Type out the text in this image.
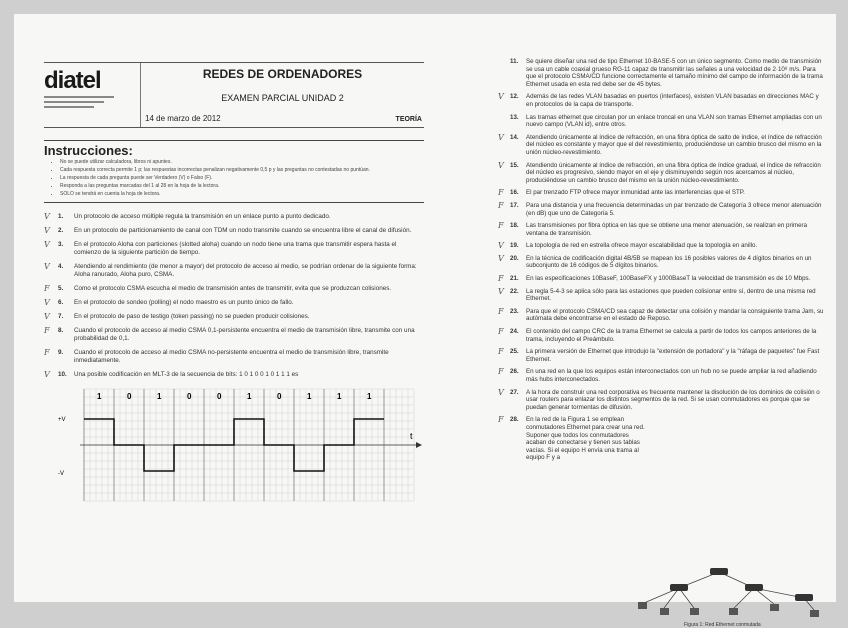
diatel	REDES DE ORDENADORES
EXAMEN PARCIAL UNIDAD 2
14 de marzo de 2012	TEORÍA
Instrucciones:
• No se puede utilizar calculadora, libros ni apuntes.
• Cada respuesta correcta permite 1 p; las respuestas incorrectas penalizan negativamente 0,5 p y las preguntas no contestadas no puntúan.
• La respuesta de cada pregunta puede ser Verdadero (V) o Falso (F).
• Responda a las preguntas marcadas del 1 al 28 en la hoja de la lectora.
• SOLO se tendrá en cuenta la hoja de lectora.
V 1. Un protocolo de acceso múltiple regula la transmisión en un enlace punto a punto dedicado.
V 2. En un protocolo de particionamiento de canal con TDM un nodo transmite cuando se encuentra libre el canal de difusión.
V 3. En el protocolo Aloha con particiones (slotted aloha) cuando un nodo tiene una trama que transmitir espera hasta el comienzo de la siguiente partición de tiempo.
V 4. Atendiendo al rendimiento (de menor a mayor) del protocolo de acceso al medio, se podrían ordenar de la siguiente forma: Aloha ranurado, Aloha puro, CSMA.
F 5. Como el protocolo CSMA escucha el medio de transmisión antes de transmitir, evita que se produzcan colisiones.
V 6. En el protocolo de sondeo (polling) el nodo maestro es un punto único de fallo.
V 7. En el protocolo de paso de testigo (token passing) no se pueden producir colisiones.
F 8. Cuando el protocolo de acceso al medio CSMA 0,1-persistente encuentra el medio de transmisión libre, transmite con una probabilidad de 0,1.
F 9. Cuando el protocolo de acceso al medio CSMA no-persistente encuentra el medio de transmisión libre, transmite inmediatamente.
V 10. Una posible codificación en MLT-3 de la secuencia de bits: 1 0 1 0 0 1 0 1 1 1 es
1	0	1	0	0	1	0	1	1	1
t
+V
-V
11. Se quiere diseñar una red de tipo Ethernet 10-BASE-5 con un único segmento. Como medio de transmisión se usa un cable coaxial grueso RG-11 capaz de transmitir las señales a una velocidad de 2·10⁸ m/s. Para que el protocolo CSMA/CD funcione correctamente el tamaño mínimo del campo de información de la trama Ethernet usada en esta red debe ser de 45 bytes.
V 12. Además de las redes VLAN basadas en puertos (interfaces), existen VLAN basadas en direcciones MAC y en protocolos de la capa de transporte.
13. Las tramas ethernet que circulan por un enlace troncal en una VLAN son tramas Ethernet ampliadas con un nuevo campo (VLAN id), entre otros.
V 14. Atendiendo únicamente al índice de refracción, en una fibra óptica de salto de índice, el índice de refracción del núcleo es constante y mayor que el del revestimiento, produciéndose un cambio brusco del mismo en la unión núcleo-revestimiento.
V 15. Atendiendo únicamente al índice de refracción, en una fibra óptica de índice gradual, el índice de refracción del núcleo es progresivo, siendo mayor en el eje y disminuyendo según nos acercamos al núcleo, produciéndose un cambio brusco del mismo en la unión núcleo-revestimiento.
F 16. El par trenzado FTP ofrece mayor inmunidad ante las interferencias que el STP.
F 17. Para una distancia y una frecuencia determinadas un par trenzado de Categoría 3 ofrece menor atenuación (en dB) que uno de Categoría 5.
F 18. Las transmisiones por fibra óptica en las que se obtiene una menor atenuación, se realizan en primera ventana de transmisión.
V 19. La topología de red en estrella ofrece mayor escalabilidad que la topología en anillo.
V 20. En la técnica de codificación digital 4B/5B se mapean los 16 posibles valores de 4 dígitos binarios en un subconjunto de 16 códigos de 5 dígitos binarios.
F 21. En las especificaciones 10BaseF, 100BaseFX y 1000BaseT la velocidad de transmisión es de 10 Mbps.
V 22. La regla 5-4-3 se aplica sólo para las estaciones que pueden colisionar entre sí, dentro de una misma red Ethernet.
F 23. Para que el protocolo CSMA/CD sea capaz de detectar una colisión y mandar la consiguiente trama Jam, su autómata debe encontrarse en el estado de Reposo.
F 24. El contenido del campo CRC de la trama Ethernet se calcula a partir de todos los campos anteriores de la trama, incluyendo el Preámbulo.
F 25. La primera versión de Ethernet que introdujo la "extensión de portadora" y la "ráfaga de paquetes" fue Fast Ethernet.
F 26. En una red en la que los equipos están interconectados con un hub no se puede ampliar la red añadiendo más hubs interconectados.
V 27. A la hora de construir una red corporativa es frecuente mantener la disolución de los dominios de colisión o usar routers para enlazar los distintos segmentos de la red. Si se usan conmutadores es porque que se puedan generar tormentas de difusión.
F 28. En la red de la Figura 1 se emplean conmutadores Ethernet para crear una red. Suponer que todos los conmutadores acaban de conectarse y tienen sus tablas vacías. Si el equipo H envía una trama al equipo F y a
Figura 1: Red Ethernet conmutada
